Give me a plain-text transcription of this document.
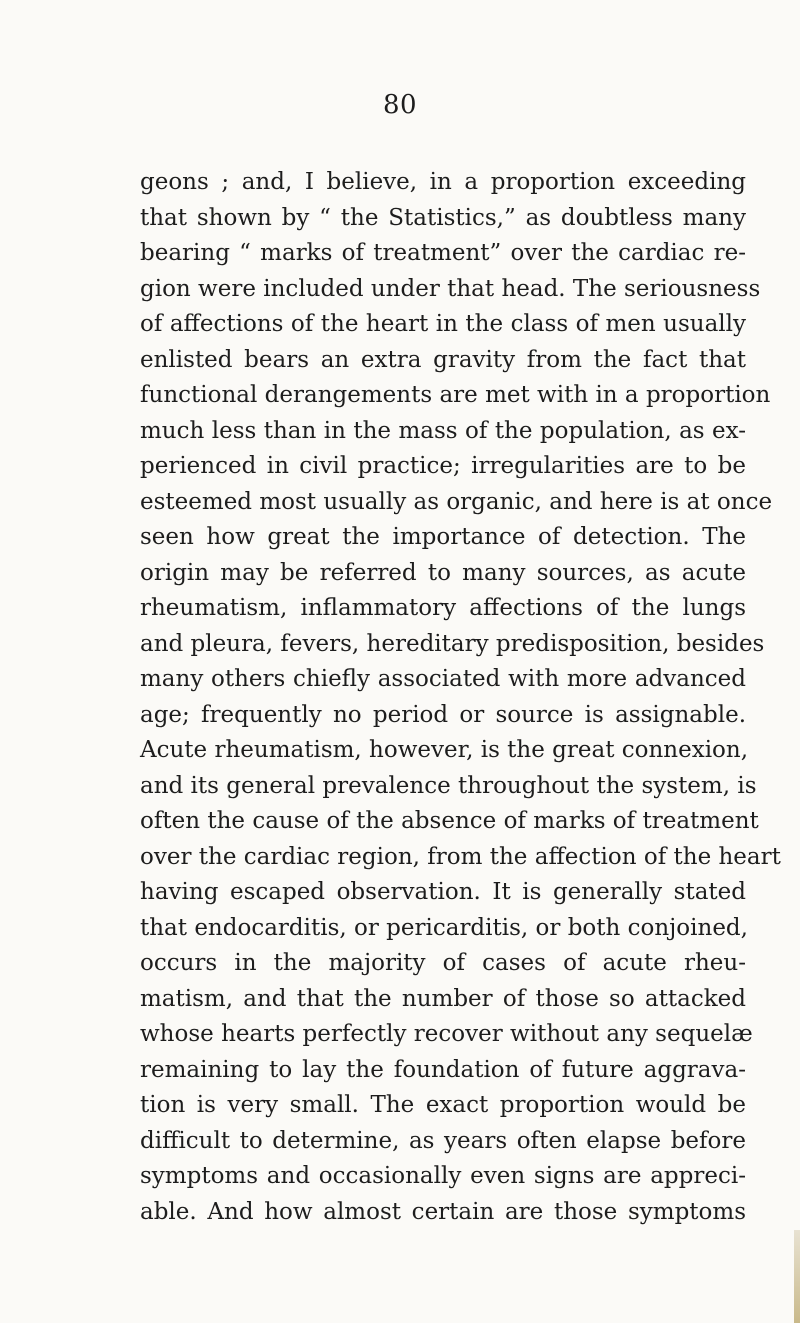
80
geons ; and, I believe, in a proportion exceeding
that shown by “ the Statistics,” as doubtless many
bearing “ marks of treatment” over the cardiac re-
gion were included under that head. The seriousness
of affections of the heart in the class of men usually
enlisted bears an extra gravity from the fact that
functional derangements are met with in a proportion
much less than in the mass of the population, as ex-
perienced in civil practice; irregularities are to be
esteemed most usually as organic, and here is at once
seen how great the importance of detection. The
origin may be referred to many sources, as acute
rheumatism, inflammatory affections of the lungs
and pleura, fevers, hereditary predisposition, besides
many others chiefly associated with more advanced
age; frequently no period or source is assignable.
Acute rheumatism, however, is the great connexion,
and its general prevalence throughout the system, is
often the cause of the absence of marks of treatment
over the cardiac region, from the affection of the heart
having escaped observation. It is generally stated
that endocarditis, or pericarditis, or both conjoined,
occurs in the majority of cases of acute rheu-
matism, and that the number of those so attacked
whose hearts perfectly recover without any sequelæ
remaining to lay the foundation of future aggrava-
tion is very small. The exact proportion would be
difficult to determine, as years often elapse before
symptoms and occasionally even signs are appreci-
able. And how almost certain are those symptoms
